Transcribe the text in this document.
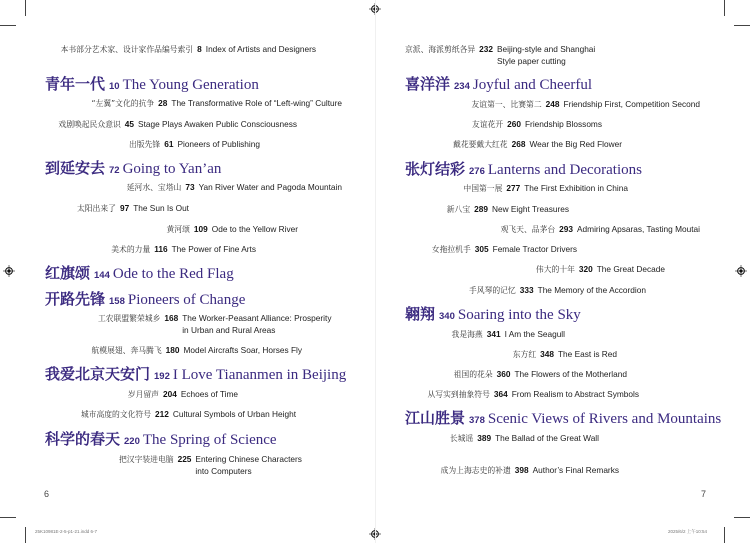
本书部分艺术家、设计家作品编号索引 8 Index of Artists and Designers
青年一代 10 The Young Generation
“左翼”文化的抗争 28 The Transformative Role of “Left-wing” Culture
戏剧唤起民众意识 45 Stage Plays Awaken Public Consciousness
出版先锋 61 Pioneers of Publishing
到延安去 72 Going to Yan’an
延河水、宝塔山 73 Yan River Water and Pagoda Mountain
太阳出来了 97 The Sun Is Out
黄河颂 109 Ode to the Yellow River
美术的力量 116 The Power of Fine Arts
红旗颂 144 Ode to the Red Flag
开路先锋 158 Pioneers of Change
工农联盟繁荣城乡 168 The Worker-Peasant Alliance: Prosperity in Urban and Rural Areas
航模展翅、奔马腾飞 180 Model Aircrafts Soar, Horses Fly
我爱北京天安门 192 I Love Tiananmen in Beijing
岁月留声 204 Echoes of Time
城市高度的文化符号 212 Cultural Symbols of Urban Height
科学的春天 220 The Spring of Science
把汉字装进电脑 225 Entering Chinese Characters into Computers
京派、海派剪纸各异 232 Beijing-style and Shanghai Style paper cutting
喜洋洋 234 Joyful and Cheerful
友谊第一、比赛第二 248 Friendship First, Competition Second
友谊花开 260 Friendship Blossoms
戴花要戴大红花 268 Wear the Big Red Flower
张灯结彩 276 Lanterns and Decorations
中国第一展 277 The First Exhibition in China
新八宝 289 New Eight Treasures
观飞天、品茅台 293 Admiring Apsaras, Tasting Moutai
女拖拉机手 305 Female Tractor Drivers
伟大的十年 320 The Great Decade
手风琴的记忆 333 The Memory of the Accordion
翱翔 340 Soaring into the Sky
我是海燕 341 I Am the Seagull
东方红 348 The East is Red
祖国的花朵 360 The Flowers of the Motherland
从写实到抽象符号 364 From Realism to Abstract Symbols
江山胜景 378 Scenic Views of Rivers and Mountains
长城谣 389 The Ballad of the Great Wall
成为上海志史的补遗 398 Author’s Final Remarks
6	7
25K10981E-2-5-p1-21.indd 6-7	2025/6/2 上午10:54
